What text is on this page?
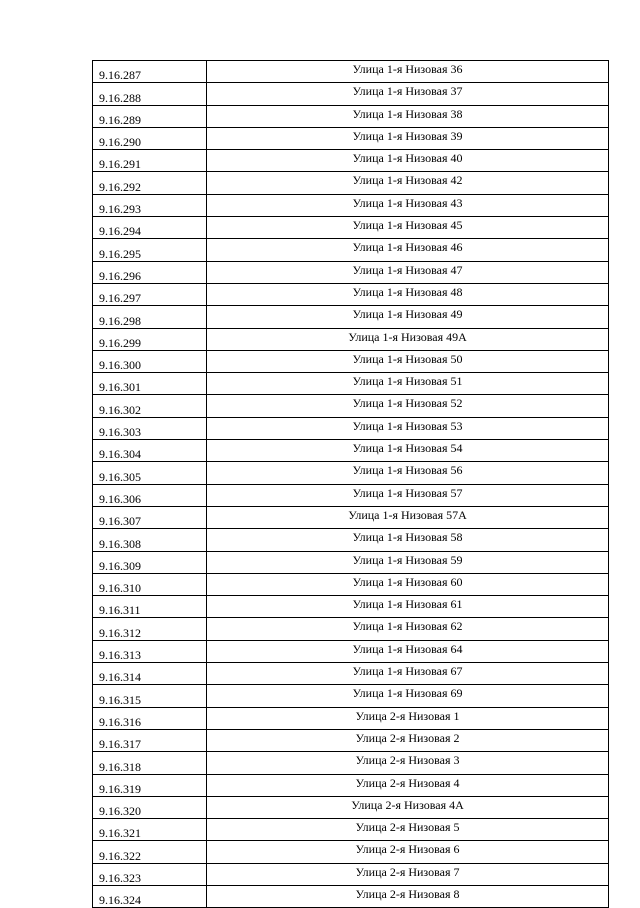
9.16.287	Улица 1-я Низовая 36
9.16.288	Улица 1-я Низовая 37
9.16.289	Улица 1-я Низовая 38
9.16.290	Улица 1-я Низовая 39
9.16.291	Улица 1-я Низовая 40
9.16.292	Улица 1-я Низовая 42
9.16.293	Улица 1-я Низовая 43
9.16.294	Улица 1-я Низовая 45
9.16.295	Улица 1-я Низовая 46
9.16.296	Улица 1-я Низовая 47
9.16.297	Улица 1-я Низовая 48
9.16.298	Улица 1-я Низовая 49
9.16.299	Улица 1-я Низовая 49А
9.16.300	Улица 1-я Низовая 50
9.16.301	Улица 1-я Низовая 51
9.16.302	Улица 1-я Низовая 52
9.16.303	Улица 1-я Низовая 53
9.16.304	Улица 1-я Низовая 54
9.16.305	Улица 1-я Низовая 56
9.16.306	Улица 1-я Низовая 57
9.16.307	Улица 1-я Низовая 57А
9.16.308	Улица 1-я Низовая 58
9.16.309	Улица 1-я Низовая 59
9.16.310	Улица 1-я Низовая 60
9.16.311	Улица 1-я Низовая 61
9.16.312	Улица 1-я Низовая 62
9.16.313	Улица 1-я Низовая 64
9.16.314	Улица 1-я Низовая 67
9.16.315	Улица 1-я Низовая 69
9.16.316	Улица 2-я Низовая 1
9.16.317	Улица 2-я Низовая 2
9.16.318	Улица 2-я Низовая 3
9.16.319	Улица 2-я Низовая 4
9.16.320	Улица 2-я Низовая 4А
9.16.321	Улица 2-я Низовая 5
9.16.322	Улица 2-я Низовая 6
9.16.323	Улица 2-я Низовая 7
9.16.324	Улица 2-я Низовая 8
